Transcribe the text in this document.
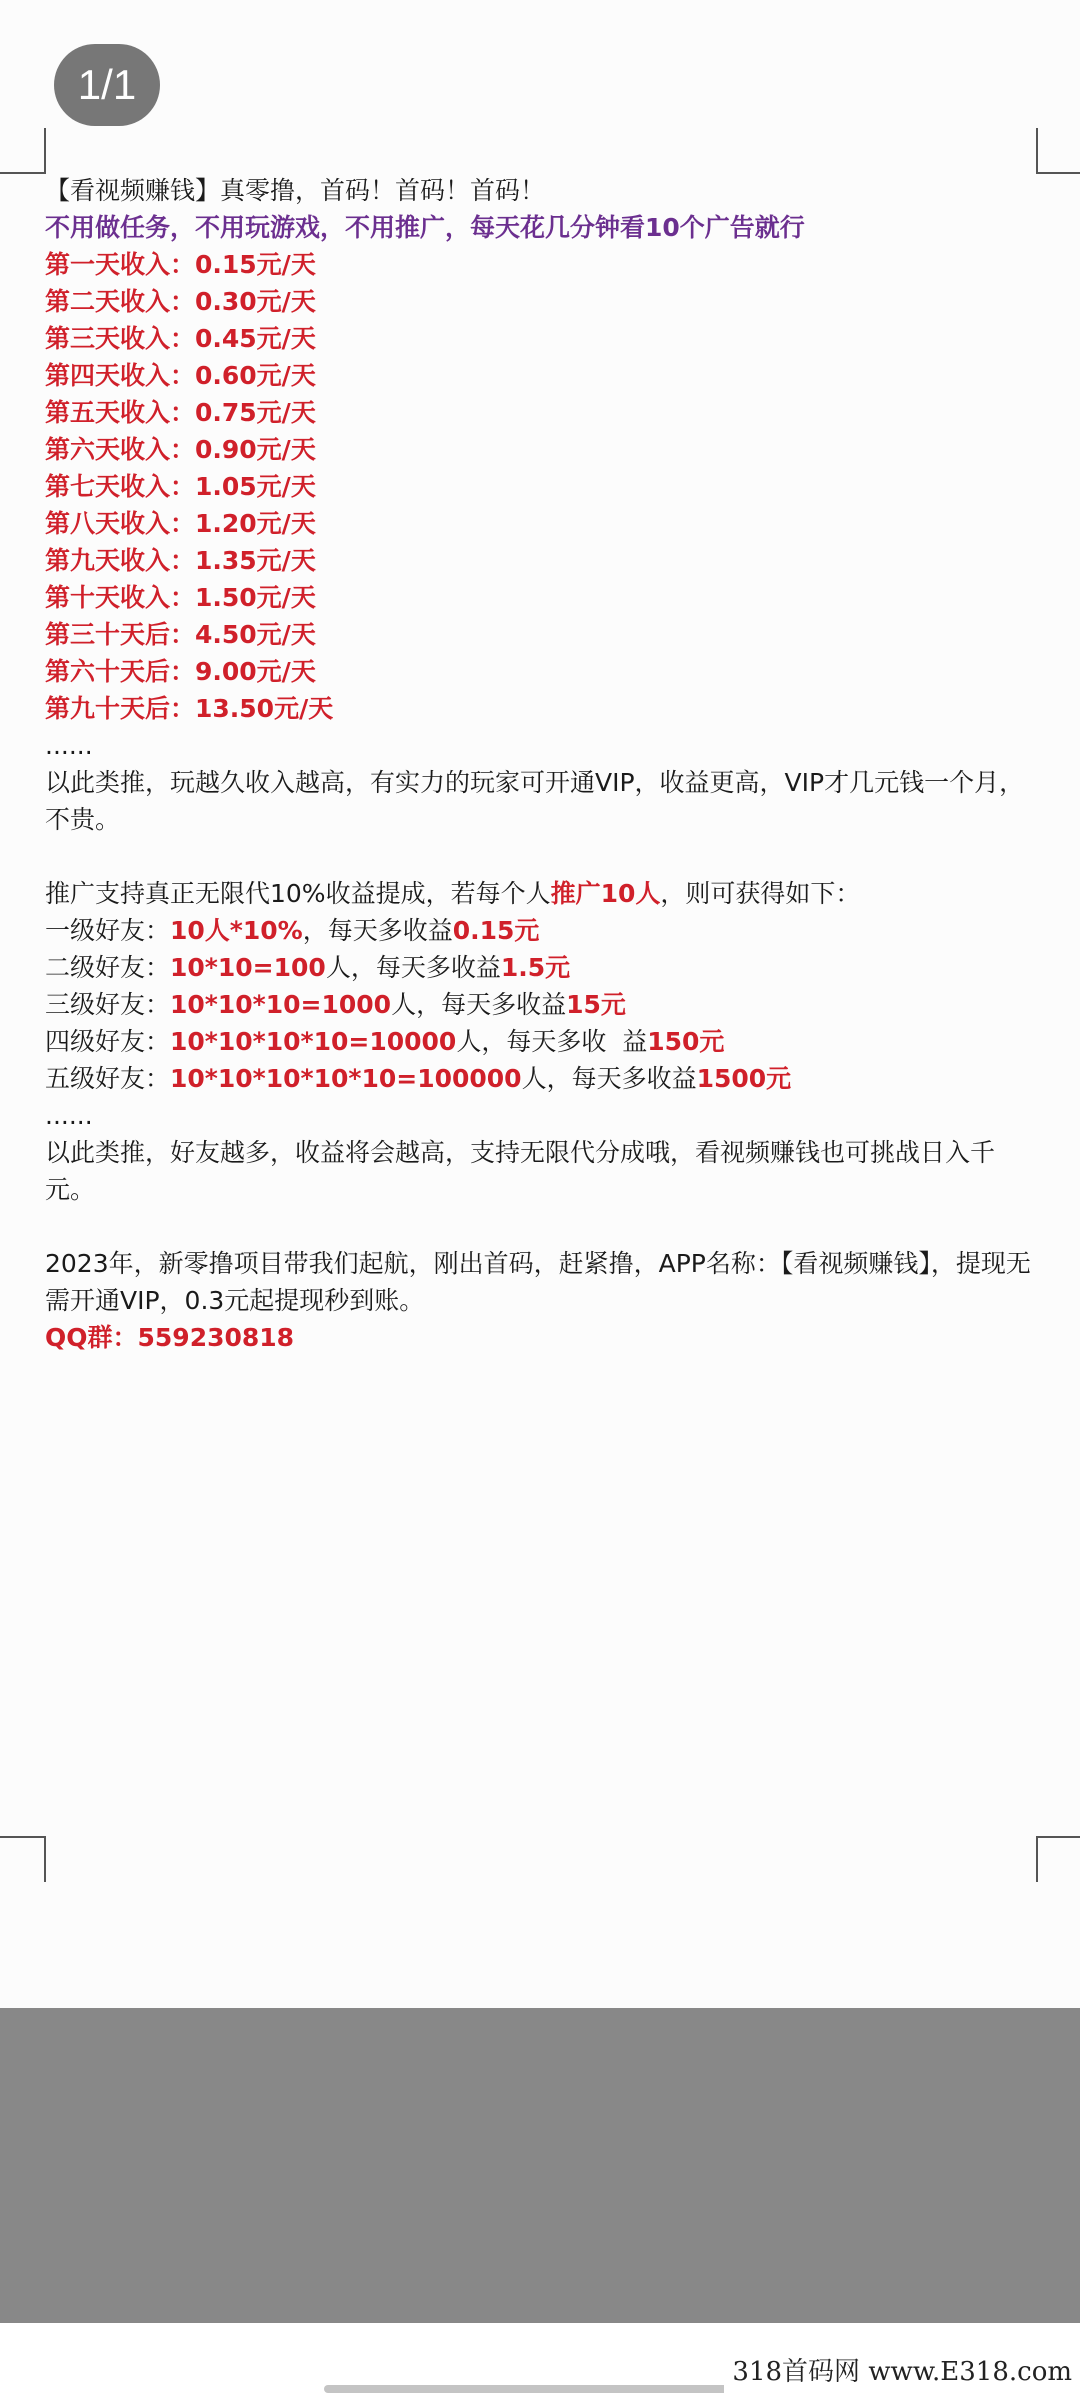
1/1
【看视频赚钱】真零撸，首码！首码！首码！
不用做任务，不用玩游戏，不用推广，每天花几分钟看10个广告就行
第一天收入：0.15元/天
第二天收入：0.30元/天
第三天收入：0.45元/天
第四天收入：0.60元/天
第五天收入：0.75元/天
第六天收入：0.90元/天
第七天收入：1.05元/天
第八天收入：1.20元/天
第九天收入：1.35元/天
第十天收入：1.50元/天
第三十天后：4.50元/天
第六十天后：9.00元/天
第九十天后：13.50元/天
......
以此类推，玩越久收入越高，有实力的玩家可开通VIP，收益更高，VIP才几元钱一个月，不贵。
推广支持真正无限代10%收益提成，若每个人推广10人，则可获得如下：
一级好友：10人*10%，每天多收益0.15元
二级好友：10*10=100人，每天多收益1.5元
三级好友：10*10*10=1000人，每天多收益15元
四级好友：10*10*10*10=10000人，每天多收  益150元
五级好友：10*10*10*10*10=100000人，每天多收益1500元
......
以此类推，好友越多，收益将会越高，支持无限代分成哦，看视频赚钱也可挑战日入千元。
2023年，新零撸项目带我们起航，刚出首码，赶紧撸，APP名称：【看视频赚钱】，提现无需开通VIP，0.3元起提现秒到账。
QQ群：559230818
318首码网 www.E318.com
